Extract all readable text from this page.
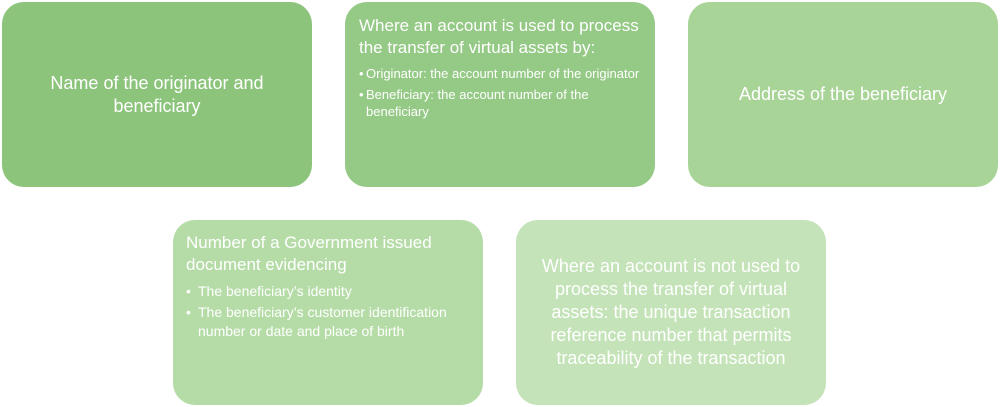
Name of the originator and beneficiary
Where an account is used to process the transfer of virtual assets by:
• Originator: the account number of the originator
• Beneficiary: the account number of the beneficiary
Address of the beneficiary
Number of a Government issued document evidencing
• The beneficiary’s identity
• The beneficiary’s customer identification number or date and place of birth
Where an account is not used to process the transfer of virtual assets: the unique transaction reference number that permits traceability of the transaction
